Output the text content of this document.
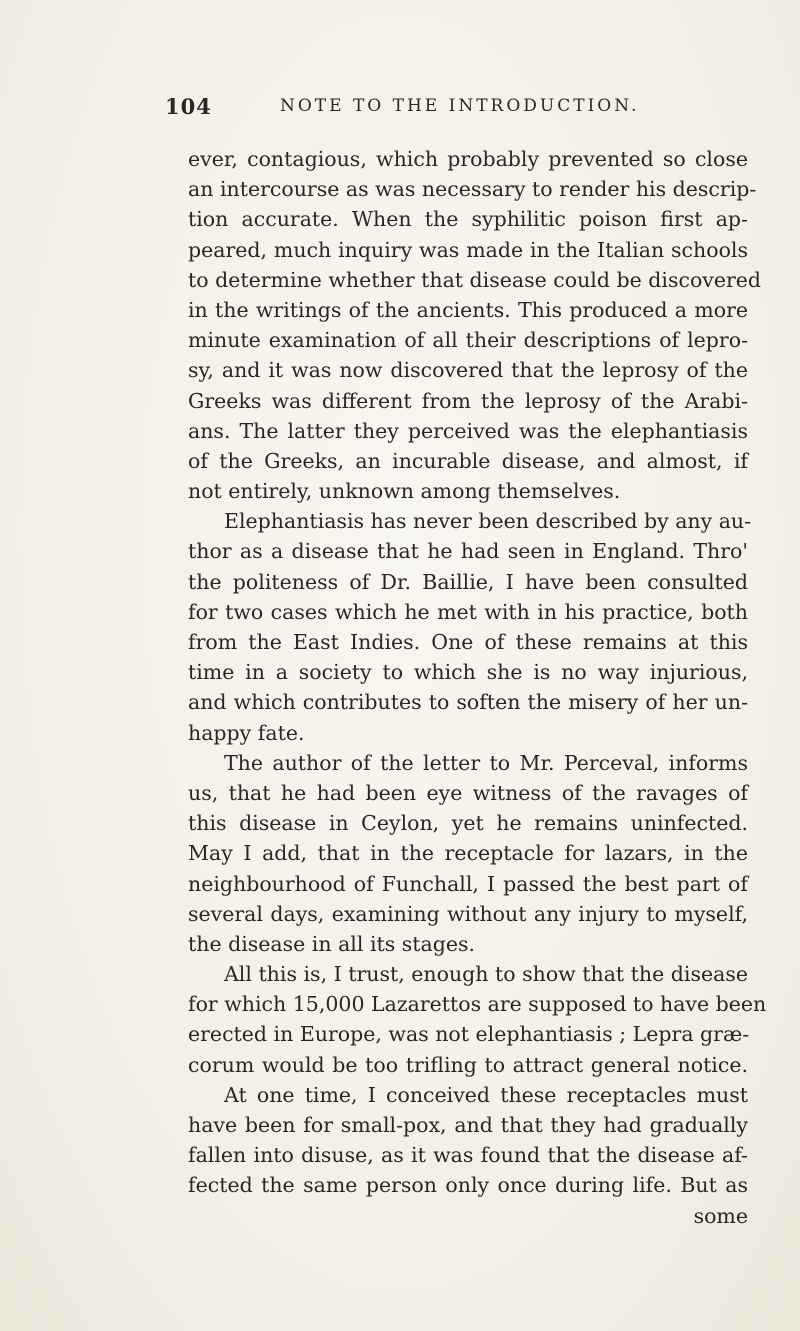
104	NOTE TO THE INTRODUCTION.
ever, contagious, which probably prevented so close
an intercourse as was necessary to render his descrip-
tion accurate. When the syphilitic poison first ap-
peared, much inquiry was made in the Italian schools
to determine whether that disease could be discovered
in the writings of the ancients. This produced a more
minute examination of all their descriptions of lepro-
sy, and it was now discovered that the leprosy of the
Greeks was different from the leprosy of the Arabi-
ans. The latter they perceived was the elephantiasis
of the Greeks, an incurable disease, and almost, if
not entirely, unknown among themselves.
Elephantiasis has never been described by any au-
thor as a disease that he had seen in England. Thro'
the politeness of Dr. Baillie, I have been consulted
for two cases which he met with in his practice, both
from the East Indies. One of these remains at this
time in a society to which she is no way injurious,
and which contributes to soften the misery of her un-
happy fate.
The author of the letter to Mr. Perceval, informs
us, that he had been eye witness of the ravages of
this disease in Ceylon, yet he remains uninfected.
May I add, that in the receptacle for lazars, in the
neighbourhood of Funchall, I passed the best part of
several days, examining without any injury to myself,
the disease in all its stages.
All this is, I trust, enough to show that the disease
for which 15,000 Lazarettos are supposed to have been
erected in Europe, was not elephantiasis ; Lepra græ-
corum would be too trifling to attract general notice.
At one time, I conceived these receptacles must
have been for small-pox, and that they had gradually
fallen into disuse, as it was found that the disease af-
fected the same person only once during life. But as
some
